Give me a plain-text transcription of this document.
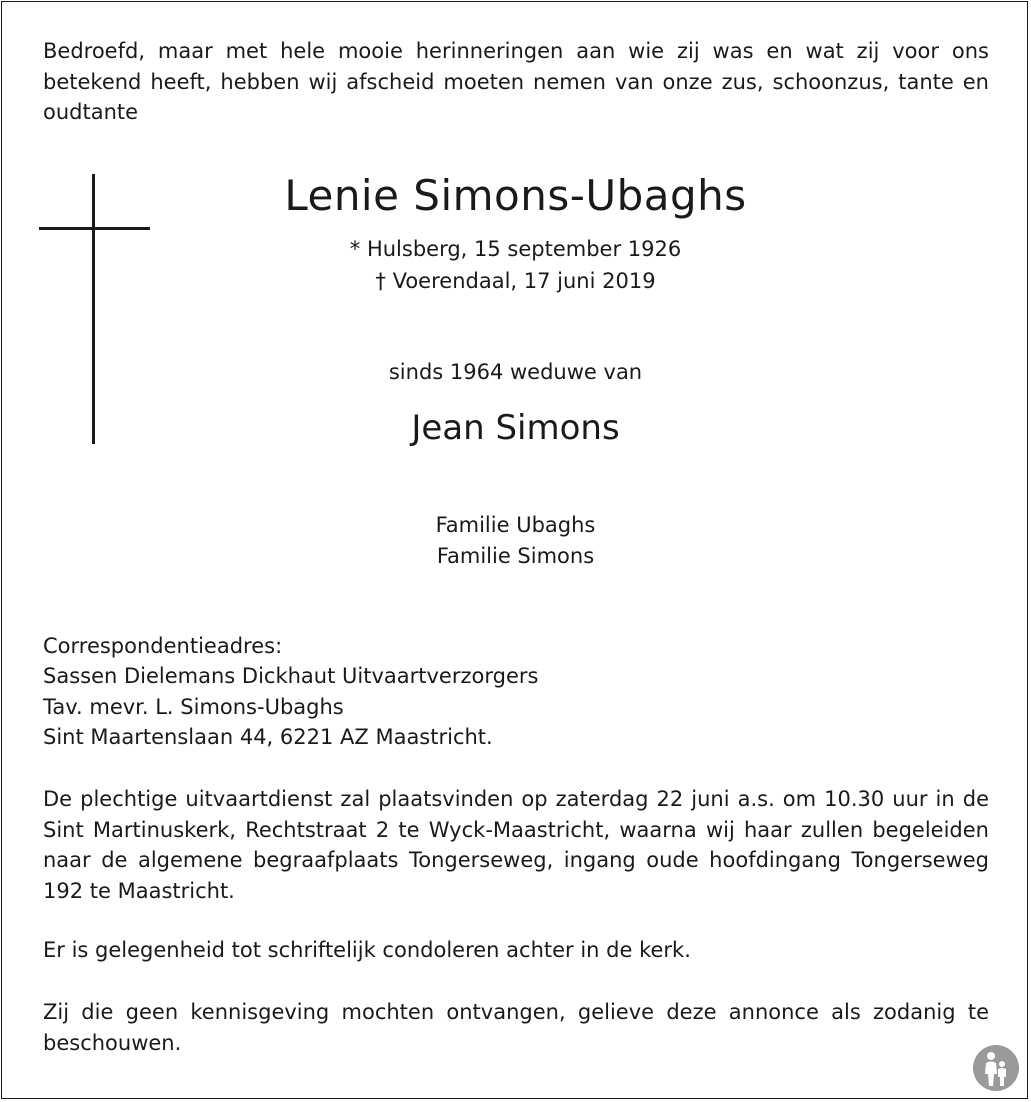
Bedroefd, maar met hele mooie herinneringen aan wie zij was en wat zij voor ons betekend heeft, hebben wij afscheid moeten nemen van onze zus, schoonzus, tante en oudtante

Lenie Simons-Ubaghs

* Hulsberg, 15 september 1926

† Voerendaal, 17 juni 2019

sinds 1964 weduwe van

Jean Simons

Familie Ubaghs

Familie Simons

Correspondentieadres:

Sassen Dielemans Dickhaut Uitvaartverzorgers

Tav. mevr. L. Simons-Ubaghs

Sint Maartenslaan 44, 6221 AZ Maastricht.

De plechtige uitvaartdienst zal plaatsvinden op zaterdag 22 juni a.s. om 10.30 uur in de Sint Martinuskerk, Rechtstraat 2 te Wyck-Maastricht, waarna wij haar zullen begeleiden naar de algemene begraafplaats Tongerseweg, ingang oude hoofdingang Tongerseweg 192 te Maastricht.

Er is gelegenheid tot schriftelijk condoleren achter in de kerk.

Zij die geen kennisgeving mochten ontvangen, gelieve deze annonce als zodanig te beschouwen.
